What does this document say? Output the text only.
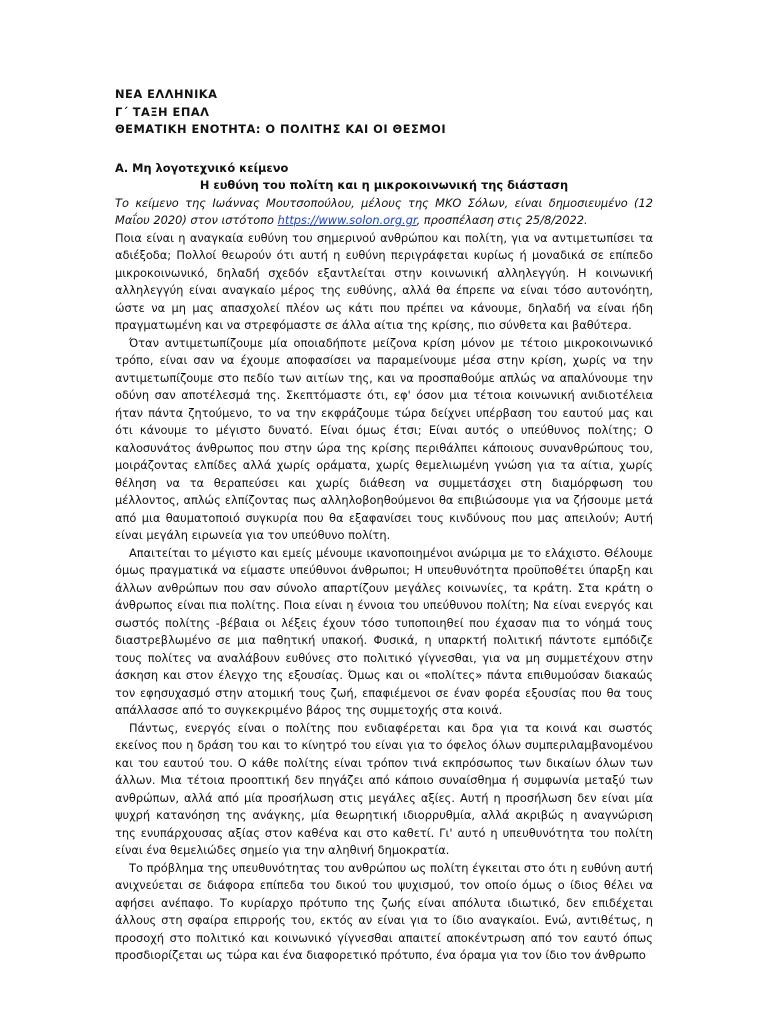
ΝΕΑ ΕΛΛΗΝΙΚΑ

Γ΄ ΤΑΞΗ ΕΠΑΛ

ΘΕΜΑΤΙΚΗ ΕΝΟΤΗΤΑ: Ο ΠΟΛΙΤΗΣ ΚΑΙ ΟΙ ΘΕΣΜΟΙ

Α. Μη λογοτεχνικό κείμενο

Η ευθύνη του πολίτη και η μικροκοινωνική της διάσταση

Το κείμενο της Ιωάννας Μουτσοπούλου, μέλους της ΜΚΟ Σόλων, είναι δημοσιευμένο (12 Μαΐου 2020) στον ιστότοπο https://www.solon.org.gr, προσπέλαση στις 25/8/2022.

Ποια είναι η αναγκαία ευθύνη του σημερινού ανθρώπου και πολίτη, για να αντιμετωπίσει τα αδιέξοδα; Πολλοί θεωρούν ότι αυτή η ευθύνη περιγράφεται κυρίως ή μοναδικά σε επίπεδο μικροκοινωνικό, δηλαδή σχεδόν εξαντλείται στην κοινωνική αλληλεγγύη. Η κοινωνική αλληλεγγύη είναι αναγκαίο μέρος της ευθύνης, αλλά θα έπρεπε να είναι τόσο αυτονόητη, ώστε να μη μας απασχολεί πλέον ως κάτι που πρέπει να κάνουμε, δηλαδή να είναι ήδη πραγματωμένη και να στρεφόμαστε σε άλλα αίτια της κρίσης, πιο σύνθετα και βαθύτερα.

Όταν αντιμετωπίζουμε μία οποιαδήποτε μείζονα κρίση μόνον με τέτοιο μικροκοινωνικό τρόπο, είναι σαν να έχουμε αποφασίσει να παραμείνουμε μέσα στην κρίση, χωρίς να την αντιμετωπίζουμε στο πεδίο των αιτίων της, και να προσπαθούμε απλώς να απαλύνουμε την οδύνη σαν αποτέλεσμά της. Σκεπτόμαστε ότι, εφ' όσον μια τέτοια κοινωνική ανιδιοτέλεια ήταν πάντα ζητούμενο, το να την εκφράζουμε τώρα δείχνει υπέρβαση του εαυτού μας και ότι κάνουμε το μέγιστο δυνατό. Είναι όμως έτσι; Είναι αυτός ο υπεύθυνος πολίτης; Ο καλοσυνάτος άνθρωπος που στην ώρα της κρίσης περιθάλπει κάποιους συνανθρώπους του, μοιράζοντας ελπίδες αλλά χωρίς οράματα, χωρίς θεμελιωμένη γνώση για τα αίτια, χωρίς θέληση να τα θεραπεύσει και χωρίς διάθεση να συμμετάσχει στη διαμόρφωση του μέλλοντος, απλώς ελπίζοντας πως αλληλοβοηθούμενοι θα επιβιώσουμε για να ζήσουμε μετά από μια θαυματοποιό συγκυρία που θα εξαφανίσει τους κινδύνους που μας απειλούν; Αυτή είναι μεγάλη ειρωνεία για τον υπεύθυνο πολίτη.

Απαιτείται το μέγιστο και εμείς μένουμε ικανοποιημένοι ανώριμα με το ελάχιστο. Θέλουμε όμως πραγματικά να είμαστε υπεύθυνοι άνθρωποι; Η υπευθυνότητα προϋποθέτει ύπαρξη και άλλων ανθρώπων που σαν σύνολο απαρτίζουν μεγάλες κοινωνίες, τα κράτη. Στα κράτη ο άνθρωπος είναι πια πολίτης. Ποια είναι η έννοια του υπεύθυνου πολίτη; Να είναι ενεργός και σωστός πολίτης -βέβαια οι λέξεις έχουν τόσο τυποποιηθεί που έχασαν πια το νόημά τους διαστρεβλωμένο σε μια παθητική υπακοή. Φυσικά, η υπαρκτή πολιτική πάντοτε εμπόδιζε τους πολίτες να αναλάβουν ευθύνες στο πολιτικό γίγνεσθαι, για να μη συμμετέχουν στην άσκηση και στον έλεγχο της εξουσίας. Όμως και οι «πολίτες» πάντα επιθυμούσαν διακαώς τον εφησυχασμό στην ατομική τους ζωή, επαφιέμενοι σε έναν φορέα εξουσίας που θα τους απάλλασσε από το συγκεκριμένο βάρος της συμμετοχής στα κοινά.

Πάντως, ενεργός είναι ο πολίτης που ενδιαφέρεται και δρα για τα κοινά και σωστός εκείνος που η δράση του και το κίνητρό του είναι για το όφελος όλων συμπεριλαμβανομένου και του εαυτού του. Ο κάθε πολίτης είναι τρόπον τινά εκπρόσωπος των δικαίων όλων των άλλων. Μια τέτοια προοπτική δεν πηγάζει από κάποιο συναίσθημα ή συμφωνία μεταξύ των ανθρώπων, αλλά από μία προσήλωση στις μεγάλες αξίες. Αυτή η προσήλωση δεν είναι μία ψυχρή κατανόηση της ανάγκης, μία θεωρητική ιδιορρυθμία, αλλά ακριβώς η αναγνώριση της ενυπάρχουσας αξίας στον καθένα και στο καθετί. Γι' αυτό η υπευθυνότητα του πολίτη είναι ένα θεμελιώδες σημείο για την αληθινή δημοκρατία.

Το πρόβλημα της υπευθυνότητας του ανθρώπου ως πολίτη έγκειται στο ότι η ευθύνη αυτή ανιχνεύεται σε διάφορα επίπεδα του δικού του ψυχισμού, τον οποίο όμως ο ίδιος θέλει να αφήσει ανέπαφο. Το κυρίαρχο πρότυπο της ζωής είναι απόλυτα ιδιωτικό, δεν επιδέχεται άλλους στη σφαίρα επιρροής του, εκτός αν είναι για το ίδιο αναγκαίοι. Ενώ, αντιθέτως, η προσοχή στο πολιτικό και κοινωνικό γίγνεσθαι απαιτεί αποκέντρωση από τον εαυτό όπως προσδιορίζεται ως τώρα και ένα διαφορετικό πρότυπο, ένα όραμα για τον ίδιο τον άνθρωπο
